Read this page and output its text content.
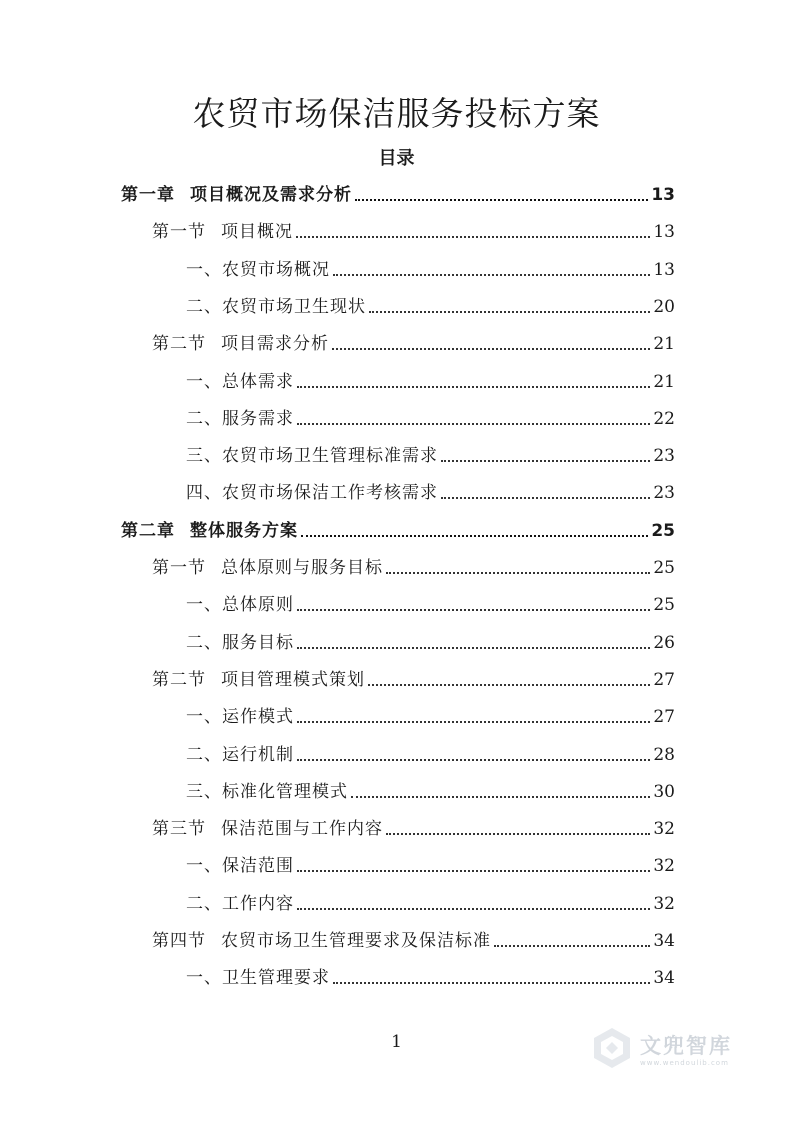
农贸市场保洁服务投标方案
目录
第一章 项目概况及需求分析	13
第一节 项目概况	13
一、农贸市场概况	13
二、农贸市场卫生现状	20
第二节 项目需求分析	21
一、总体需求	21
二、服务需求	22
三、农贸市场卫生管理标准需求	23
四、农贸市场保洁工作考核需求	23
第二章 整体服务方案	25
第一节 总体原则与服务目标	25
一、总体原则	25
二、服务目标	26
第二节 项目管理模式策划	27
一、运作模式	27
二、运行机制	28
三、标准化管理模式	30
第三节 保洁范围与工作内容	32
一、保洁范围	32
二、工作内容	32
第四节 农贸市场卫生管理要求及保洁标准	34
一、卫生管理要求	34
1	文兜智库
www.wendoulib.com
